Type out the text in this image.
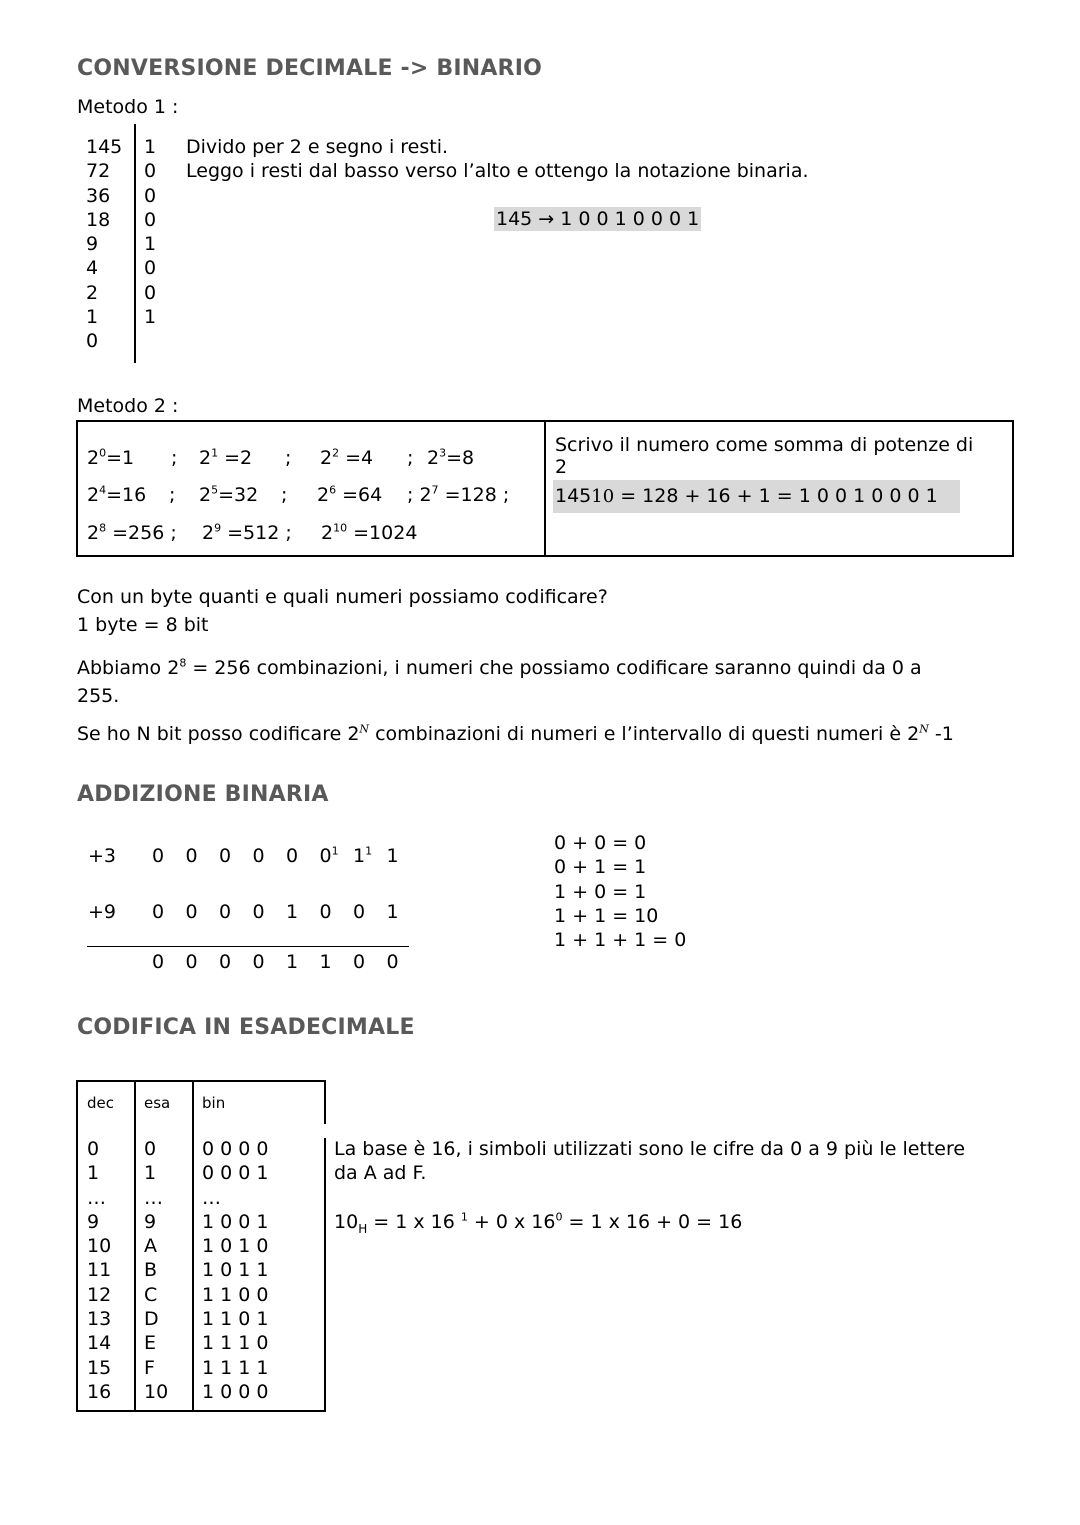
CONVERSIONE DECIMALE -> BINARIO
Metodo 1 :
145
72
36
18
9
4
2
1
0
1
0
0
0
1
0
0
1
Divido per 2 e segno i resti.
Leggo i resti dal basso verso l’alto e ottengo la notazione binaria.
145 → 1 0 0 1 0 0 0 1
Metodo 2 :
$2^0=1$ ; $2^1 =2$ ; $2^2 =4$ ; $2^3=8$
$2^4=16$ ; $2^5=32$ ; $2^6 =64$ ; $2^7 =128$ ;
$2^8 =256$ ; $2^9 =512$ ; $2^{10} =1024$
Scrivo il numero come somma di potenze di
2
14510 = 128 + 16 + 1 = 1 0 0 1 0 0 0 1
Con un byte quanti e quali numeri possiamo codificare?
1 byte = 8 bit
Abbiamo $2^8 = 256$ combinazioni, i numeri che possiamo codificare saranno quindi da 0 a
255.
Se ho N bit posso codificare $2^N$ combinazioni di numeri e l’intervallo di questi numeri è $2^N$ -1
ADDIZIONE BINARIA
+3 0 0 0 0 0 $0^1$ $1^1$ 1
+9 0 0 0 0 1 0 0 1
0 0 0 0 1 1 0 0
0 + 0 = 0
0 + 1 = 1
1 + 0 = 1
1 + 1 = 10
1 + 1 + 1 = 0
CODIFICA IN ESADECIMALE
dec esa bin
0
1
…
9
10
11
12
13
14
15
16
0
1
…
9
A
B
C
D
E
F
10
0 0 0 0
0 0 0 1
…
1 0 0 1
1 0 1 0
1 0 1 1
1 1 0 0
1 1 0 1
1 1 1 0
1 1 1 1
1 0 0 0
La base è 16, i simboli utilizzati sono le cifre da 0 a 9 più le lettere
da A ad F.
$10_H = 1$ x 16 $^1$ + 0 x $16^0 = 1$ x 16 + 0 = 16
